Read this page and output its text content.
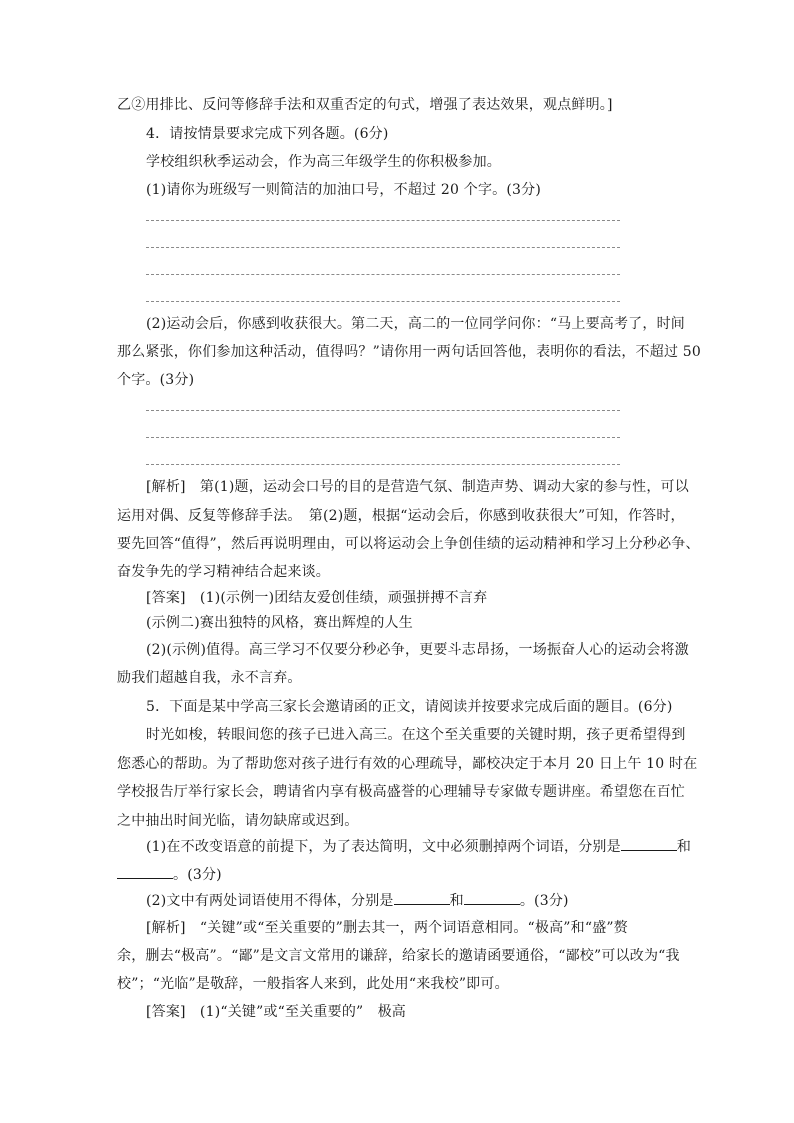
乙②用排比、反问等修辞手法和双重否定的句式，增强了表达效果，观点鲜明。]
4．请按情景要求完成下列各题。(6分)
学校组织秋季运动会，作为高三年级学生的你积极参加。
(1)请你为班级写一则简洁的加油口号，不超过 20 个字。(3分)
(2)运动会后，你感到收获很大。第二天，高二的一位同学问你：“马上要高考了，时间
那么紧张，你们参加这种活动，值得吗？”请你用一两句话回答他，表明你的看法，不超过 50
个字。(3分)
[解析]　第(1)题，运动会口号的目的是营造气氛、制造声势、调动大家的参与性，可以
运用对偶、反复等修辞手法。　第(2)题，根据“运动会后，你感到收获很大”可知，作答时，
要先回答“值得”，然后再说明理由，可以将运动会上争创佳绩的运动精神和学习上分秒必争、
奋发争先的学习精神结合起来谈。
[答案]　(1)(示例一)团结友爱创佳绩，顽强拼搏不言弃
(示例二)赛出独特的风格，赛出辉煌的人生
(2)(示例)值得。高三学习不仅要分秒必争，更要斗志昂扬，一场振奋人心的运动会将激
励我们超越自我，永不言弃。
5．下面是某中学高三家长会邀请函的正文，请阅读并按要求完成后面的题目。(6分)
时光如梭，转眼间您的孩子已进入高三。在这个至关重要的关键时期，孩子更希望得到
您悉心的帮助。为了帮助您对孩子进行有效的心理疏导，鄙校决定于本月 20 日上午 10 时在
学校报告厅举行家长会，聘请省内享有极高盛誉的心理辅导专家做专题讲座。希望您在百忙
之中抽出时间光临，请勿缺席或迟到。
(1)在不改变语意的前提下，为了表达简明，文中必须删掉两个词语，分别是	和
。(3分)
(2)文中有两处词语使用不得体，分别是	和	。(3分)
[解析]　“关键”或“至关重要的”删去其一，两个词语意相同。“极高”和“盛”赘
余，删去“极高”。“鄙”是文言文常用的谦辞，给家长的邀请函要通俗，“鄙校”可以改为“我
校”；“光临”是敬辞，一般指客人来到，此处用“来我校”即可。
[答案]　(1)“关键”或“至关重要的”　极高
